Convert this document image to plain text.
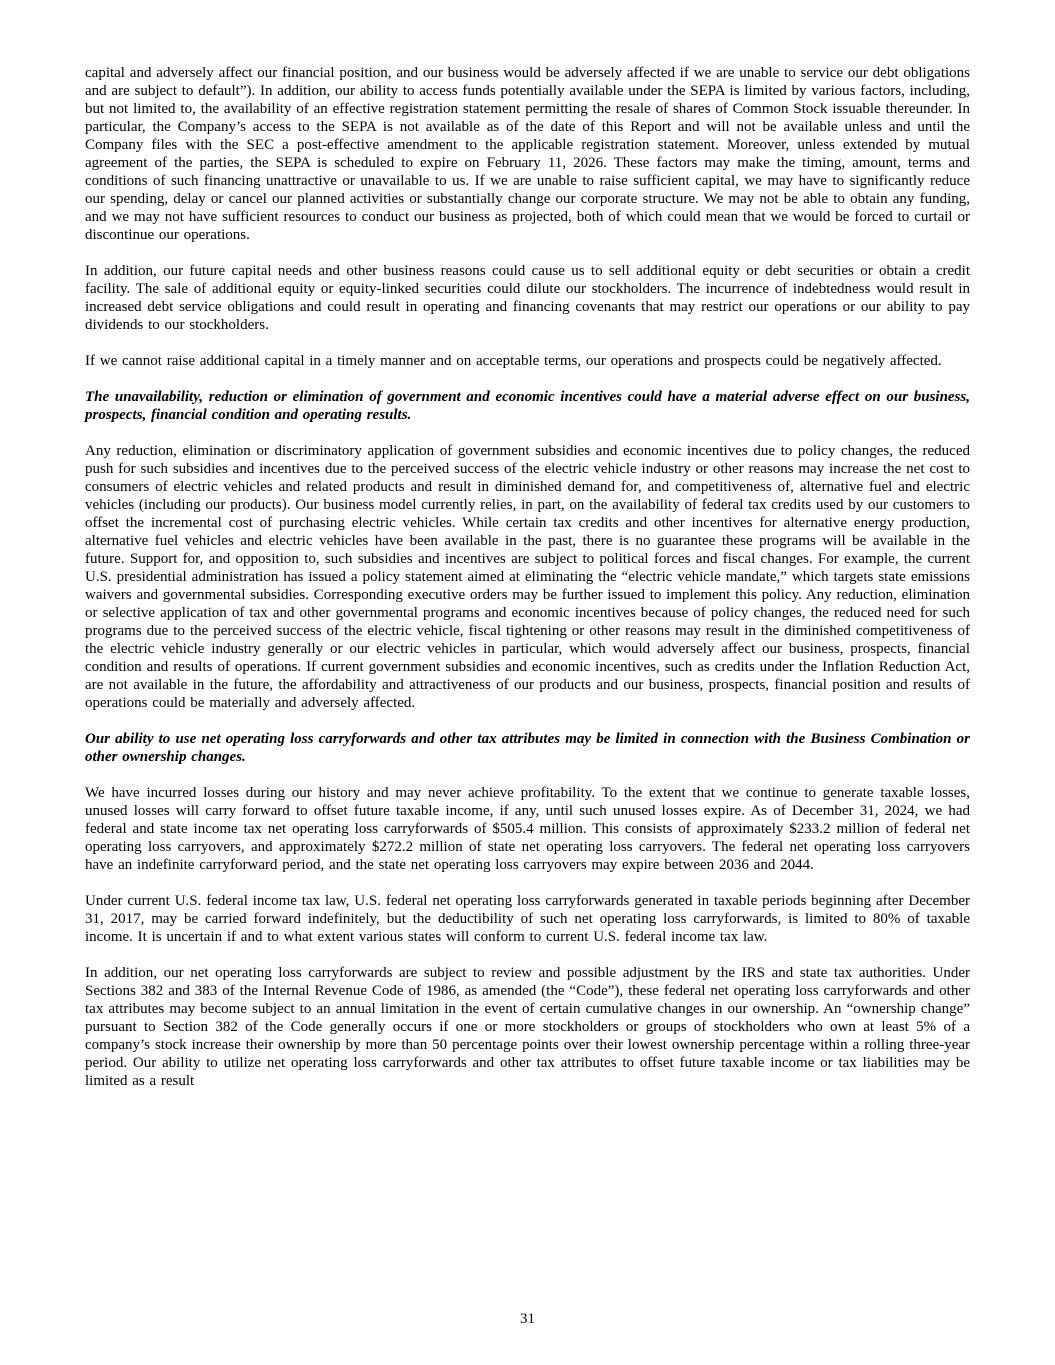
capital and adversely affect our financial position, and our business would be adversely affected if we are unable to service our debt obligations and are subject to default”). In addition, our ability to access funds potentially available under the SEPA is limited by various factors, including, but not limited to, the availability of an effective registration statement permitting the resale of shares of Common Stock issuable thereunder. In particular, the Company’s access to the SEPA is not available as of the date of this Report and will not be available unless and until the Company files with the SEC a post-effective amendment to the applicable registration statement. Moreover, unless extended by mutual agreement of the parties, the SEPA is scheduled to expire on February 11, 2026. These factors may make the timing, amount, terms and conditions of such financing unattractive or unavailable to us. If we are unable to raise sufficient capital, we may have to significantly reduce our spending, delay or cancel our planned activities or substantially change our corporate structure. We may not be able to obtain any funding, and we may not have sufficient resources to conduct our business as projected, both of which could mean that we would be forced to curtail or discontinue our operations.

In addition, our future capital needs and other business reasons could cause us to sell additional equity or debt securities or obtain a credit facility. The sale of additional equity or equity-linked securities could dilute our stockholders. The incurrence of indebtedness would result in increased debt service obligations and could result in operating and financing covenants that may restrict our operations or our ability to pay dividends to our stockholders.

If we cannot raise additional capital in a timely manner and on acceptable terms, our operations and prospects could be negatively affected.

The unavailability, reduction or elimination of government and economic incentives could have a material adverse effect on our business, prospects, financial condition and operating results.

Any reduction, elimination or discriminatory application of government subsidies and economic incentives due to policy changes, the reduced push for such subsidies and incentives due to the perceived success of the electric vehicle industry or other reasons may increase the net cost to consumers of electric vehicles and related products and result in diminished demand for, and competitiveness of, alternative fuel and electric vehicles (including our products). Our business model currently relies, in part, on the availability of federal tax credits used by our customers to offset the incremental cost of purchasing electric vehicles. While certain tax credits and other incentives for alternative energy production, alternative fuel vehicles and electric vehicles have been available in the past, there is no guarantee these programs will be available in the future. Support for, and opposition to, such subsidies and incentives are subject to political forces and fiscal changes. For example, the current U.S. presidential administration has issued a policy statement aimed at eliminating the “electric vehicle mandate,” which targets state emissions waivers and governmental subsidies. Corresponding executive orders may be further issued to implement this policy. Any reduction, elimination or selective application of tax and other governmental programs and economic incentives because of policy changes, the reduced need for such programs due to the perceived success of the electric vehicle, fiscal tightening or other reasons may result in the diminished competitiveness of the electric vehicle industry generally or our electric vehicles in particular, which would adversely affect our business, prospects, financial condition and results of operations. If current government subsidies and economic incentives, such as credits under the Inflation Reduction Act, are not available in the future, the affordability and attractiveness of our products and our business, prospects, financial position and results of operations could be materially and adversely affected.

Our ability to use net operating loss carryforwards and other tax attributes may be limited in connection with the Business Combination or other ownership changes.

We have incurred losses during our history and may never achieve profitability. To the extent that we continue to generate taxable losses, unused losses will carry forward to offset future taxable income, if any, until such unused losses expire. As of December 31, 2024, we had federal and state income tax net operating loss carryforwards of $505.4 million. This consists of approximately $233.2 million of federal net operating loss carryovers, and approximately $272.2 million of state net operating loss carryovers. The federal net operating loss carryovers have an indefinite carryforward period, and the state net operating loss carryovers may expire between 2036 and 2044.

Under current U.S. federal income tax law, U.S. federal net operating loss carryforwards generated in taxable periods beginning after December 31, 2017, may be carried forward indefinitely, but the deductibility of such net operating loss carryforwards, is limited to 80% of taxable income. It is uncertain if and to what extent various states will conform to current U.S. federal income tax law.

In addition, our net operating loss carryforwards are subject to review and possible adjustment by the IRS and state tax authorities. Under Sections 382 and 383 of the Internal Revenue Code of 1986, as amended (the “Code”), these federal net operating loss carryforwards and other tax attributes may become subject to an annual limitation in the event of certain cumulative changes in our ownership. An “ownership change” pursuant to Section 382 of the Code generally occurs if one or more stockholders or groups of stockholders who own at least 5% of a company’s stock increase their ownership by more than 50 percentage points over their lowest ownership percentage within a rolling three-year period. Our ability to utilize net operating loss carryforwards and other tax attributes to offset future taxable income or tax liabilities may be limited as a result

31
